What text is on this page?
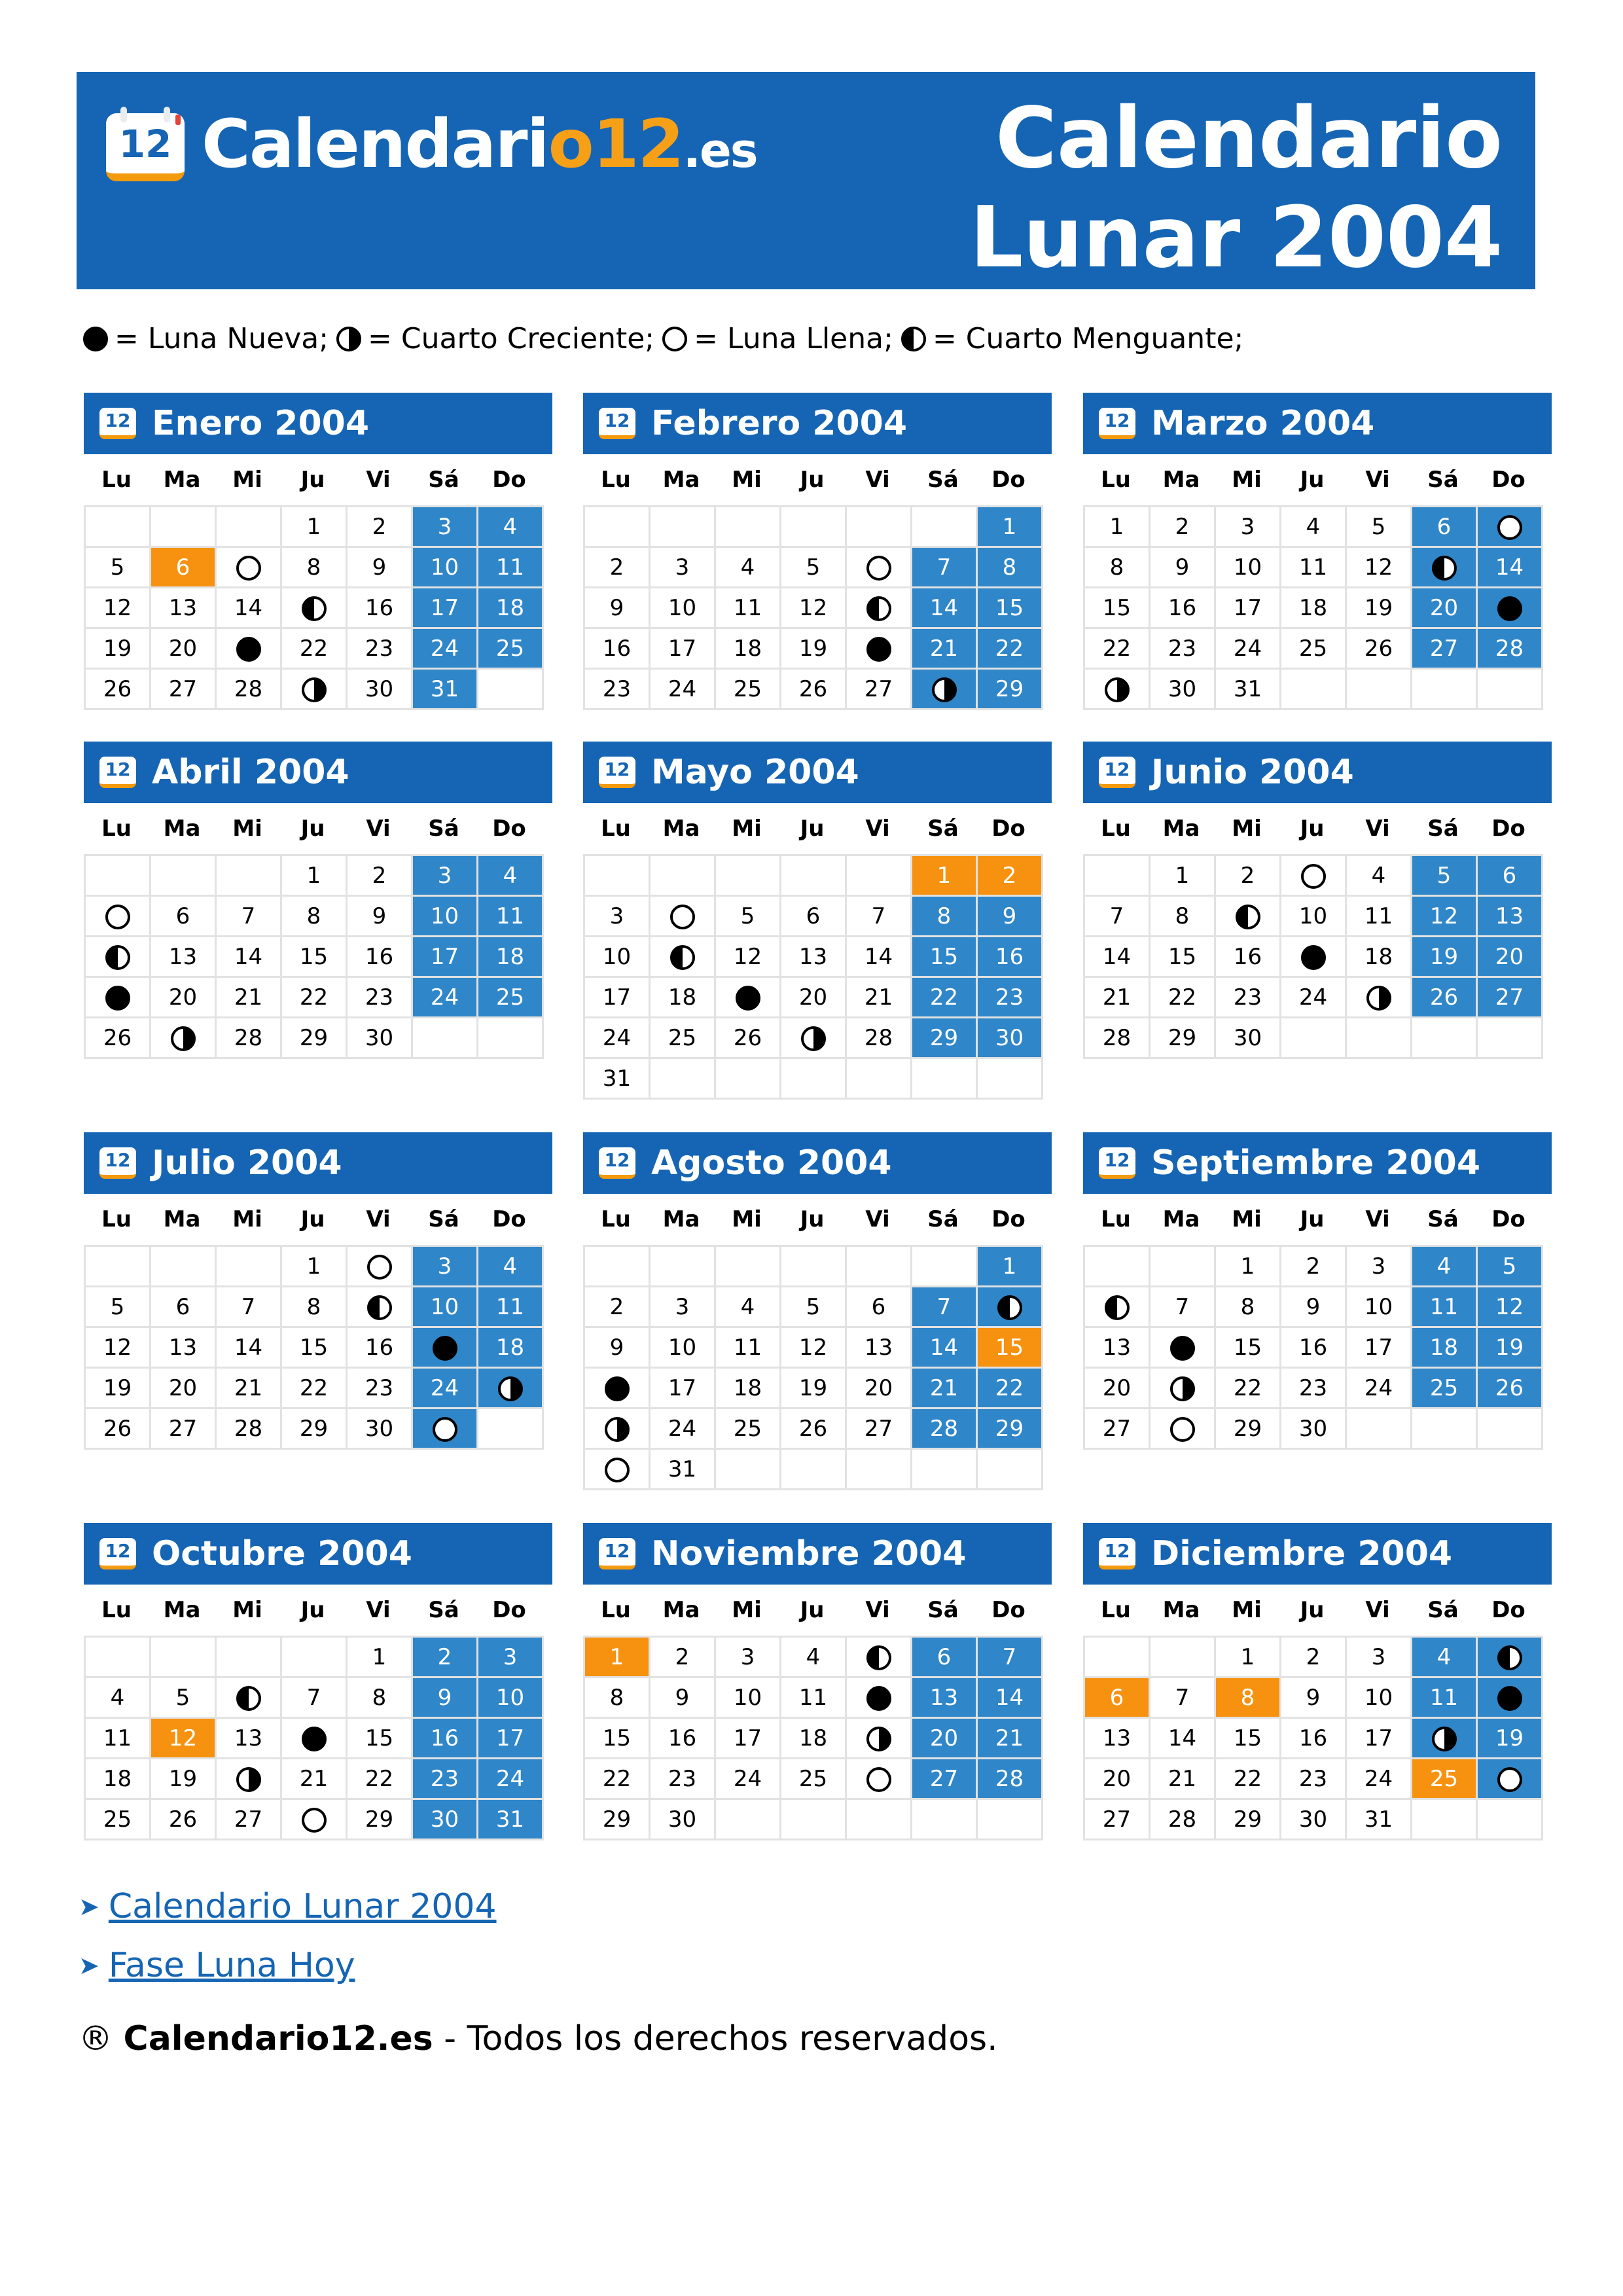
12 Calendario12.es	Calendario
Lunar 2004
= Luna Nueva; = Cuarto Creciente; = Luna Llena; = Cuarto Menguante;
12 Enero 2004
Lu	Ma	Mi	Ju	Vi	Sá	Do
			1	2	3	4
5	6		8	9	10	11
12	13	14		16	17	18
19	20		22	23	24	25
26	27	28		30	31	
12 Febrero 2004
Lu	Ma	Mi	Ju	Vi	Sá	Do
						1
2	3	4	5		7	8
9	10	11	12		14	15
16	17	18	19		21	22
23	24	25	26	27		29
12 Marzo 2004
Lu	Ma	Mi	Ju	Vi	Sá	Do
1	2	3	4	5	6	
8	9	10	11	12		14
15	16	17	18	19	20	
22	23	24	25	26	27	28
	30	31				
12 Abril 2004
Lu	Ma	Mi	Ju	Vi	Sá	Do
			1	2	3	4
	6	7	8	9	10	11
	13	14	15	16	17	18
	20	21	22	23	24	25
26		28	29	30		
12 Mayo 2004
Lu	Ma	Mi	Ju	Vi	Sá	Do
					1	2
3		5	6	7	8	9
10		12	13	14	15	16
17	18		20	21	22	23
24	25	26		28	29	30
31						
12 Junio 2004
Lu	Ma	Mi	Ju	Vi	Sá	Do
	1	2		4	5	6
7	8		10	11	12	13
14	15	16		18	19	20
21	22	23	24		26	27
28	29	30				
12 Julio 2004
Lu	Ma	Mi	Ju	Vi	Sá	Do
			1		3	4
5	6	7	8		10	11
12	13	14	15	16		18
19	20	21	22	23	24	
26	27	28	29	30		
12 Agosto 2004
Lu	Ma	Mi	Ju	Vi	Sá	Do
						1
2	3	4	5	6	7	
9	10	11	12	13	14	15
	17	18	19	20	21	22
	24	25	26	27	28	29
	31					
12 Septiembre 2004
Lu	Ma	Mi	Ju	Vi	Sá	Do
		1	2	3	4	5
	7	8	9	10	11	12
13		15	16	17	18	19
20		22	23	24	25	26
27		29	30			
12 Octubre 2004
Lu	Ma	Mi	Ju	Vi	Sá	Do
				1	2	3
4	5		7	8	9	10
11	12	13		15	16	17
18	19		21	22	23	24
25	26	27		29	30	31
12 Noviembre 2004
Lu	Ma	Mi	Ju	Vi	Sá	Do
1	2	3	4		6	7
8	9	10	11		13	14
15	16	17	18		20	21
22	23	24	25		27	28
29	30					
12 Diciembre 2004
Lu	Ma	Mi	Ju	Vi	Sá	Do
		1	2	3	4	
6	7	8	9	10	11	
13	14	15	16	17		19
20	21	22	23	24	25	
27	28	29	30	31		
➤ Calendario Lunar 2004
➤ Fase Luna Hoy
® Calendario12.es - Todos los derechos reservados.
